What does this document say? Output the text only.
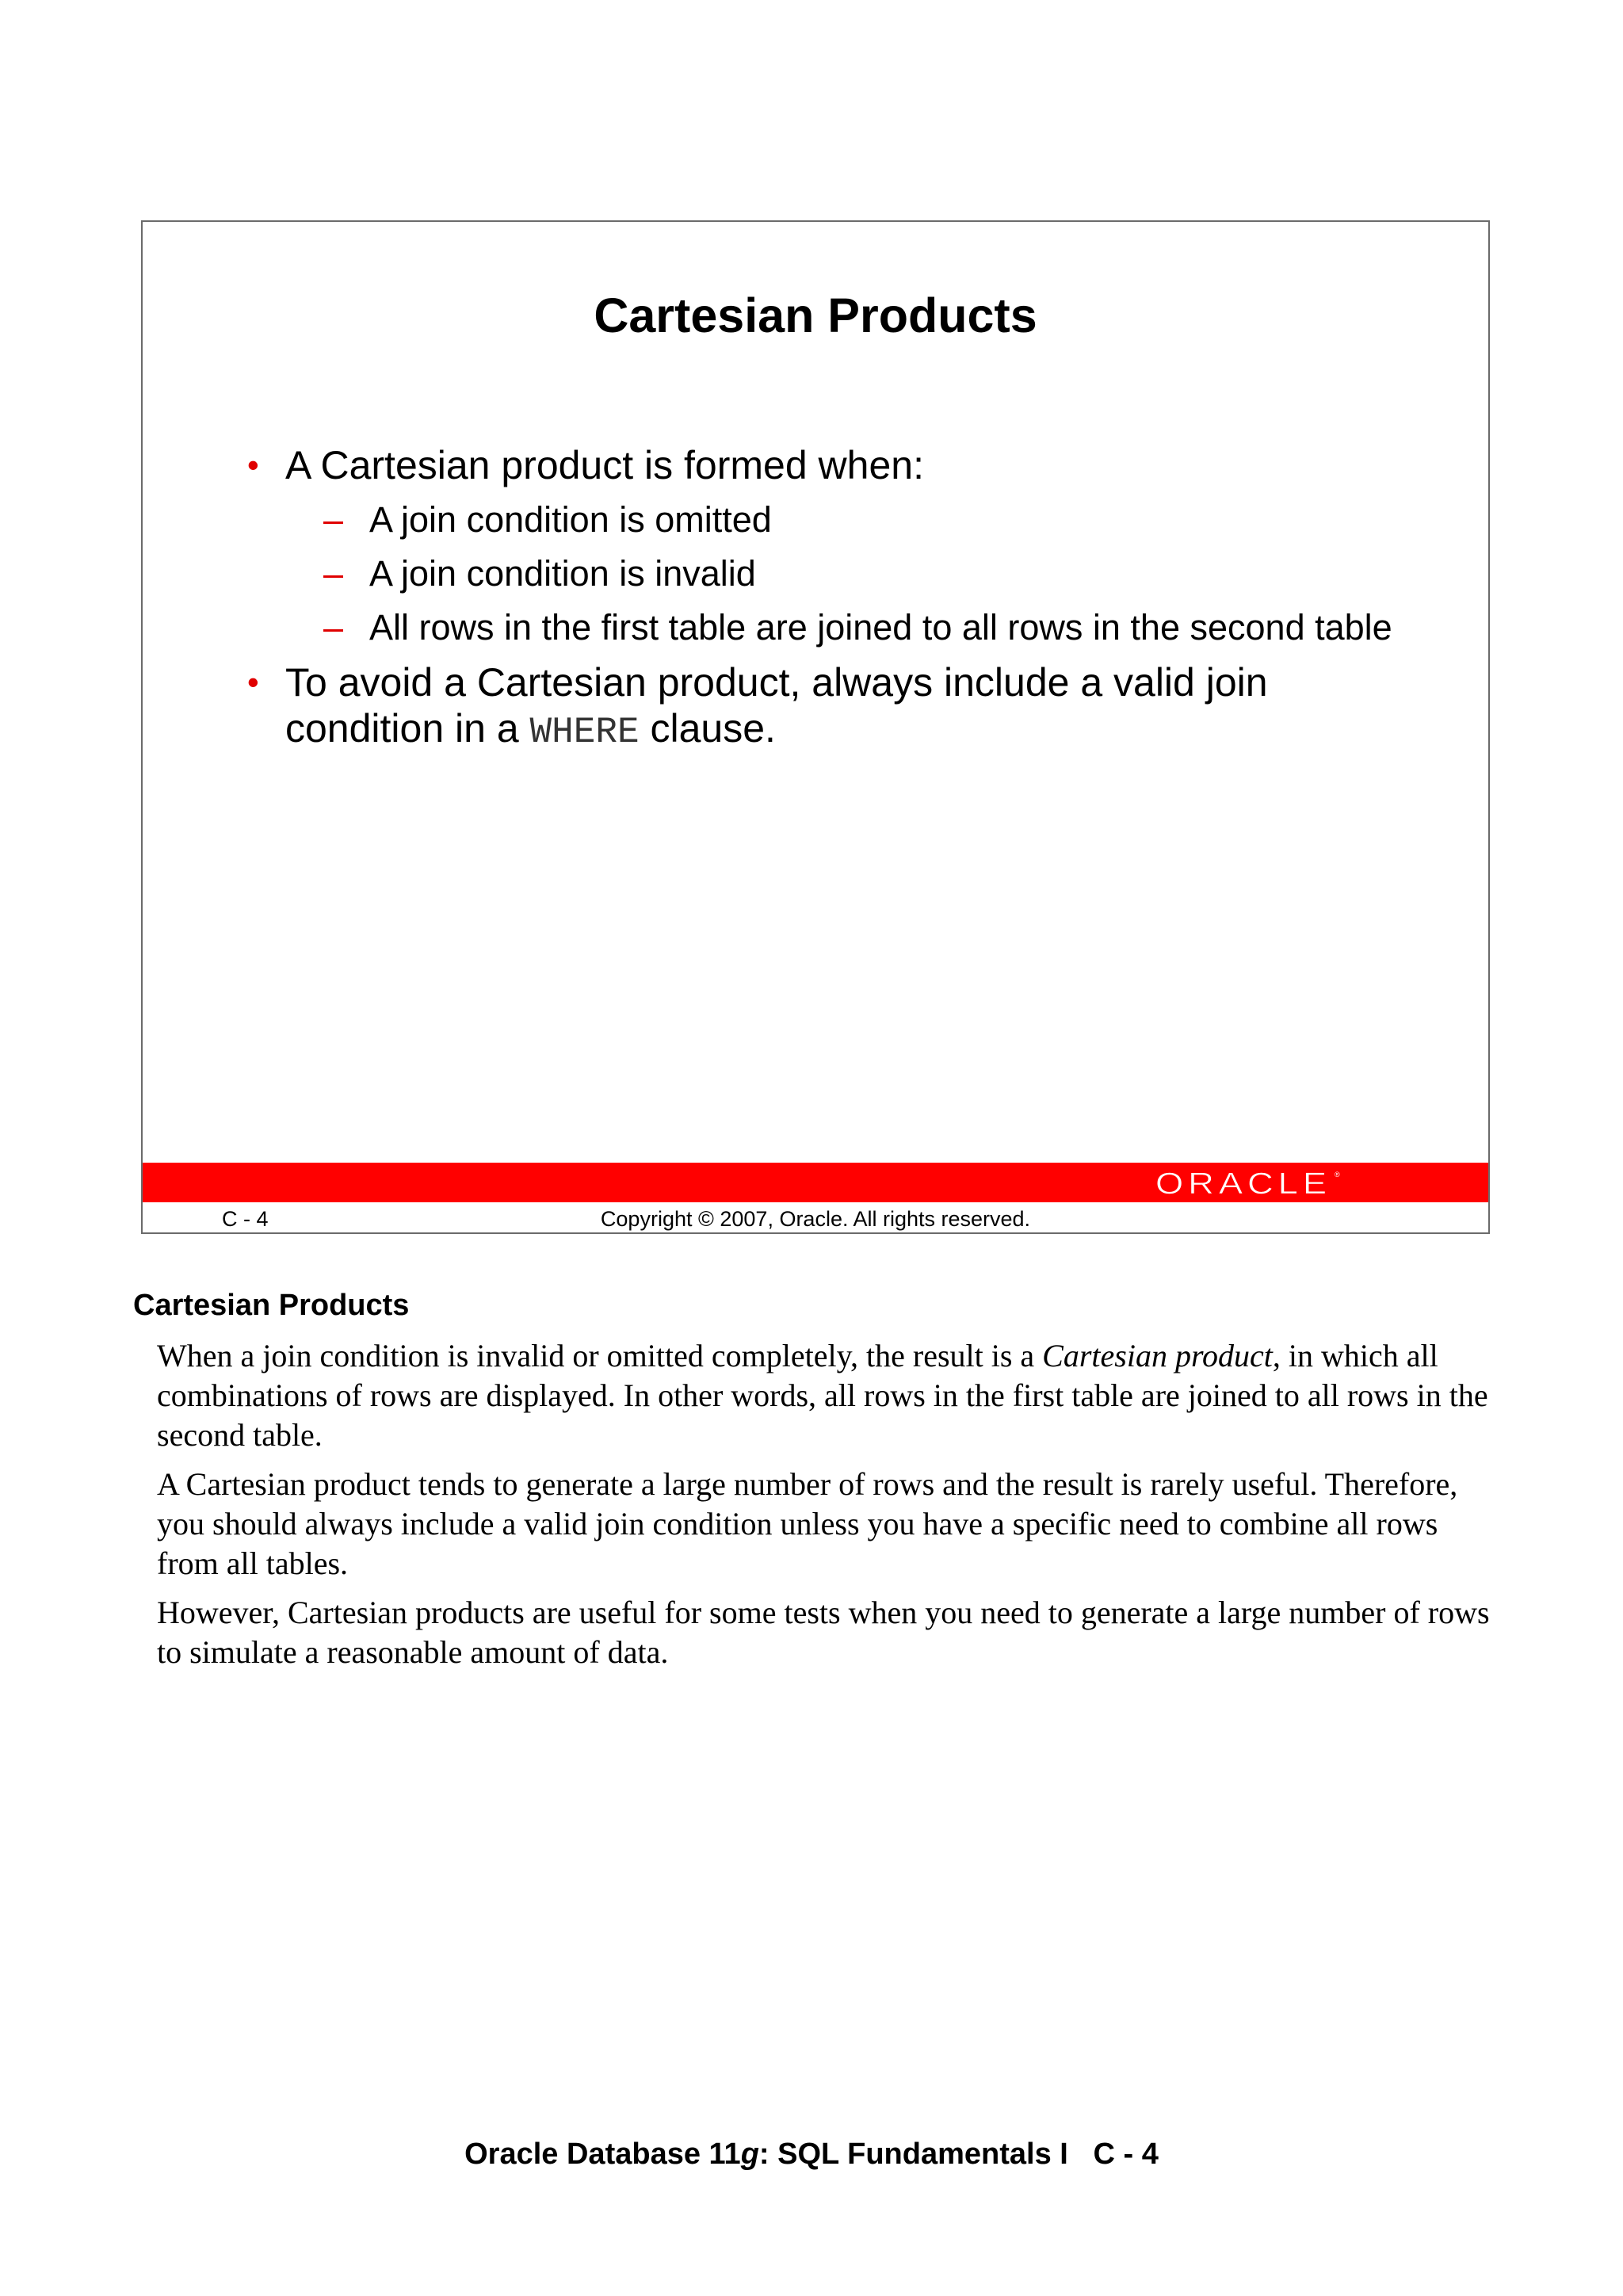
Cartesian Products
• A Cartesian product is formed when:
– A join condition is omitted
– A join condition is invalid
– All rows in the first table are joined to all rows in the second table
• To avoid a Cartesian product, always include a valid join condition in a WHERE clause.
ORACLE ®
C - 4	Copyright © 2007, Oracle. All rights reserved.
Cartesian Products

When a join condition is invalid or omitted completely, the result is a Cartesian product, in which all combinations of rows are displayed. In other words, all rows in the first table are joined to all rows in the second table.

A Cartesian product tends to generate a large number of rows and the result is rarely useful. Therefore, you should always include a valid join condition unless you have a specific need to combine all rows from all tables.

However, Cartesian products are useful for some tests when you need to generate a large number of rows to simulate a reasonable amount of data.

Oracle Database 11g: SQL Fundamentals I   C - 4
